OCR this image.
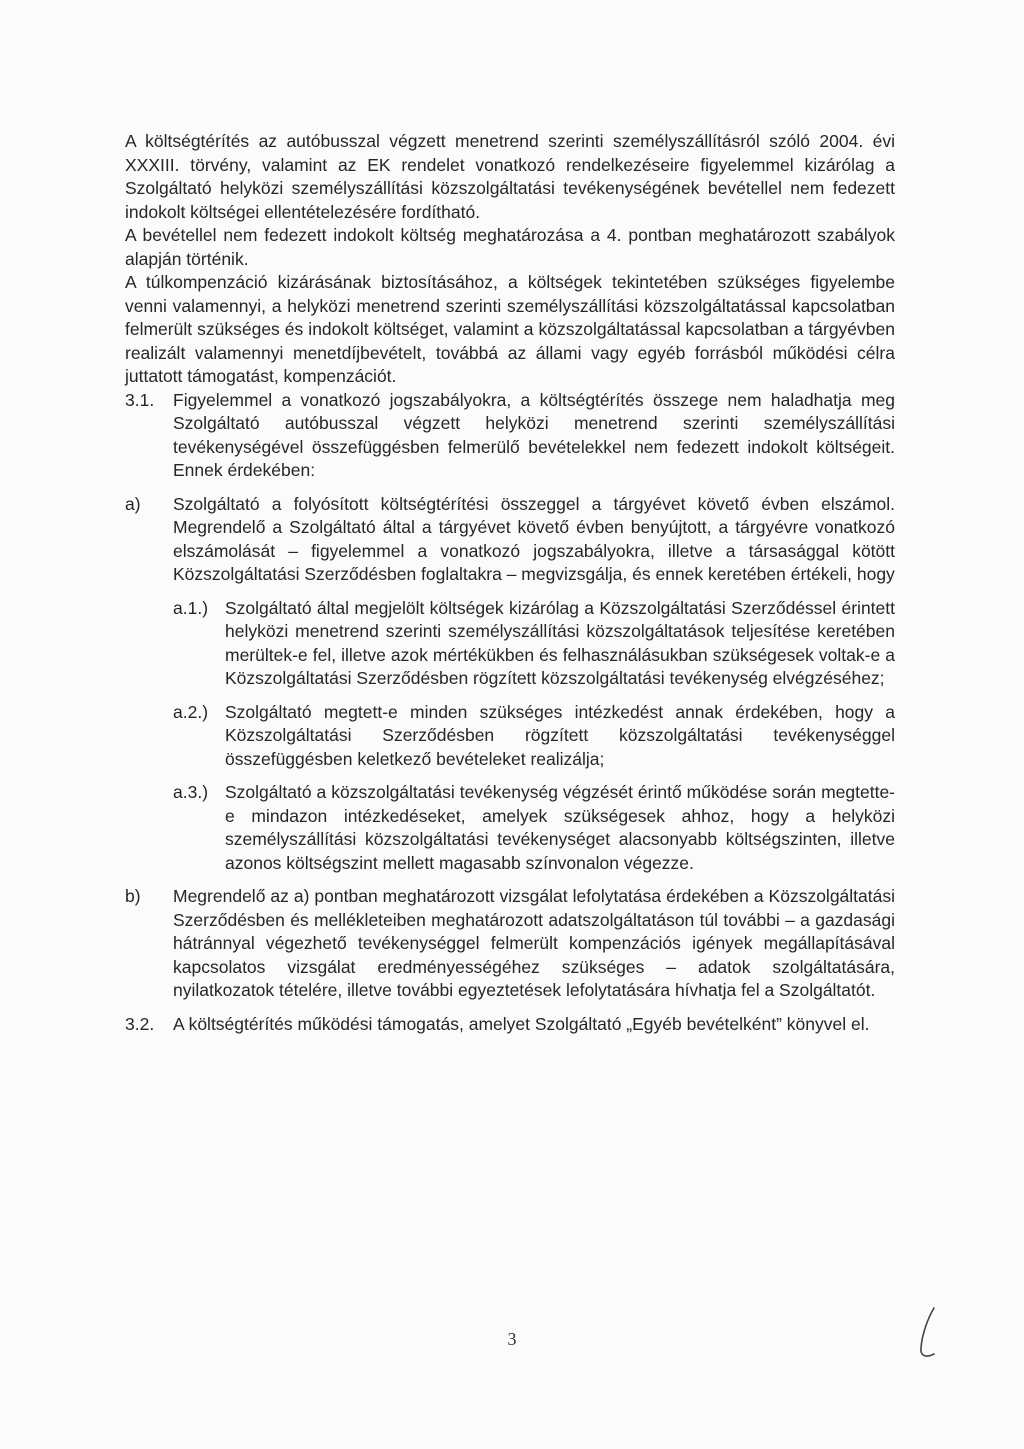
A költségtérítés az autóbusszal végzett menetrend szerinti személyszállításról szóló 2004. évi XXXIII. törvény, valamint az EK rendelet vonatkozó rendelkezéseire figyelemmel kizárólag a Szolgáltató helyközi személyszállítási közszolgáltatási tevékenységének bevétellel nem fedezett indokolt költségei ellentételezésére fordítható.

A bevétellel nem fedezett indokolt költség meghatározása a 4. pontban meghatározott szabályok alapján történik.

A túlkompenzáció kizárásának biztosításához, a költségek tekintetében szükséges figyelembe venni valamennyi, a helyközi menetrend szerinti személyszállítási közszolgáltatással kapcsolatban felmerült szükséges és indokolt költséget, valamint a közszolgáltatással kapcsolatban a tárgyévben realizált valamennyi menetdíjbevételt, továbbá az állami vagy egyéb forrásból működési célra juttatott támogatást, kompenzációt.

3.1.	Figyelemmel a vonatkozó jogszabályokra, a költségtérítés összege nem haladhatja meg Szolgáltató autóbusszal végzett helyközi menetrend szerinti személyszállítási tevékenységével összefüggésben felmerülő bevételekkel nem fedezett indokolt költségeit. Ennek érdekében:
a)	Szolgáltató a folyósított költségtérítési összeggel a tárgyévet követő évben elszámol. Megrendelő a Szolgáltató által a tárgyévet követő évben benyújtott, a tárgyévre vonatkozó elszámolását – figyelemmel a vonatkozó jogszabályokra, illetve a társasággal kötött Közszolgáltatási Szerződésben foglaltakra – megvizsgálja, és ennek keretében értékeli, hogy
a.1.) Szolgáltató által megjelölt költségek kizárólag a Közszolgáltatási Szerződéssel érintett helyközi menetrend szerinti személyszállítási közszolgáltatások teljesítése keretében merültek-e fel, illetve azok mértékükben és felhasználásukban szükségesek voltak-e a Közszolgáltatási Szerződésben rögzített közszolgáltatási tevékenység elvégzéséhez;
a.2.) Szolgáltató megtett-e minden szükséges intézkedést annak érdekében, hogy a Közszolgáltatási Szerződésben rögzített közszolgáltatási tevékenységgel összefüggésben keletkező bevételeket realizálja;
a.3.) Szolgáltató a közszolgáltatási tevékenység végzését érintő működése során megtette-e mindazon intézkedéseket, amelyek szükségesek ahhoz, hogy a helyközi személyszállítási közszolgáltatási tevékenységet alacsonyabb költségszinten, illetve azonos költségszint mellett magasabb színvonalon végezze.
b)	Megrendelő az a) pontban meghatározott vizsgálat lefolytatása érdekében a Közszolgáltatási Szerződésben és mellékleteiben meghatározott adatszolgáltatáson túl további – a gazdasági hátránnyal végezhető tevékenységgel felmerült kompenzációs igények megállapításával kapcsolatos vizsgálat eredményességéhez szükséges – adatok szolgáltatására, nyilatkozatok tételére, illetve további egyeztetések lefolytatására hívhatja fel a Szolgáltatót.
3.2.	A költségtérítés működési támogatás, amelyet Szolgáltató „Egyéb bevételként” könyvel el.
3
